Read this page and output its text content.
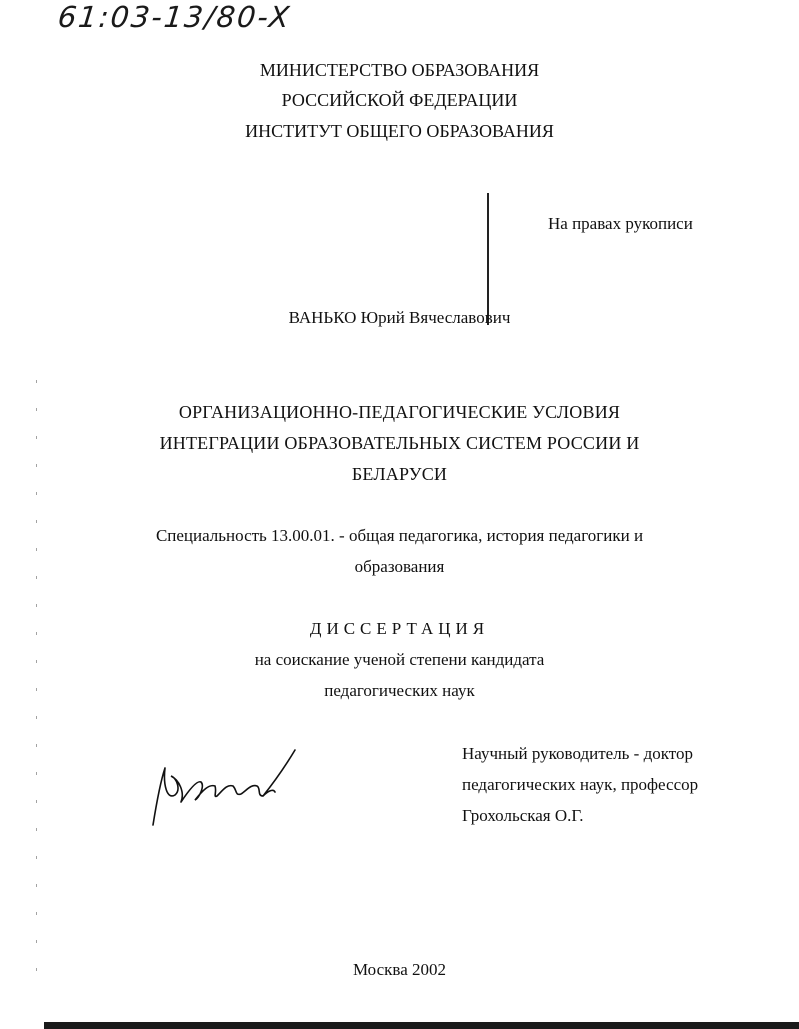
61:03-13/80-X
МИНИСТЕРСТВО ОБРАЗОВАНИЯ
РОССИЙСКОЙ ФЕДЕРАЦИИ
ИНСТИТУТ ОБЩЕГО ОБРАЗОВАНИЯ
На правах рукописи
ВАНЬКО Юрий Вячеславович
ОРГАНИЗАЦИОННО-ПЕДАГОГИЧЕСКИЕ УСЛОВИЯ
ИНТЕГРАЦИИ ОБРАЗОВАТЕЛЬНЫХ СИСТЕМ РОССИИ И
БЕЛАРУСИ
Специальность 13.00.01. - общая педагогика, история педагогики и
образования
ДИССЕРТАЦИЯ
на соискание ученой степени кандидата
педагогических наук
Научный руководитель - доктор
педагогических наук, профессор
Грохольская О.Г.
Москва 2002
